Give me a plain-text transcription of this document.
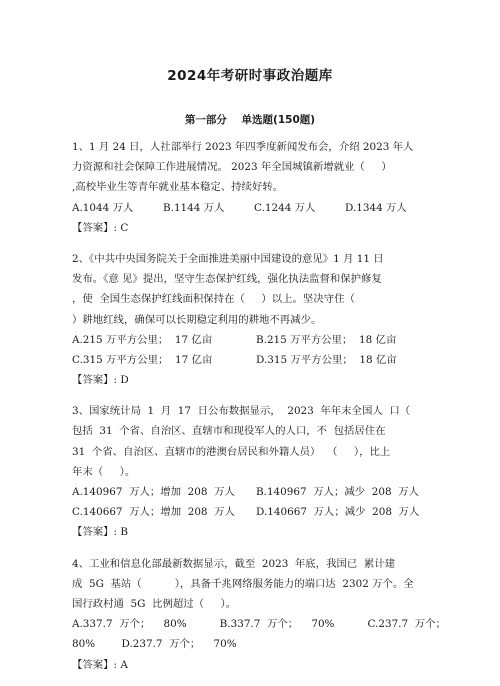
2024年考研时事政治题库
第一部分    单选题(150题)
1、1 月 24 日，人社部举行 2023 年四季度新闻发布会，介绍 2023 年人
力资源和社会保障工作进展情况。 2023 年全国城镇新增就业（     ）
,高校毕业生等青年就业基本稳定、持续好转。
A.1044 万人	B.1144 万人	C.1244 万人	D.1344 万人
【答案】: C
2、《中共中央国务院关于全面推进美丽中国建设的意见》1 月 11 日
发布。《意 见》提出，坚守生态保护红线，强化执法监督和保护修复
，使  全国生态保护红线面积保持在（     ）以上。坚决守住（
）耕地红线，确保可以长期稳定利用的耕地不再减少。
A.215 万平方公里；  17 亿亩	B.215 万平方公里；  18 亿亩
C.315 万平方公里；  17 亿亩	D.315 万平方公里；  18 亿亩
【答案】: D
3、国家统计局  1  月  17  日公布数据显示，  2023  年年末全国人  口（
包括  31  个省、自治区、直辖市和现役军人的人口，不  包括居住在
31  个省、自治区、直辖市的港澳台居民和外籍人员）  （     ），比上
年末（     ）。
A.140967  万人；增加  208  万人	B.140967  万人；减少  208  万人
C.140667  万人；增加  208  万人	D.140667  万人；减少  208  万人
【答案】: B
4、工业和信息化部最新数据显示，截至  2023  年底，我国已  累计建
成  5G  基站（          ），具备千兆网络服务能力的端口达  2302 万个。全
国行政村通  5G  比例超过（     ）。
A.337.7  万个；    80%          B.337.7  万个；    70%          C.237.7  万个；
80%        D.237.7  万个；    70%
【答案】: A
